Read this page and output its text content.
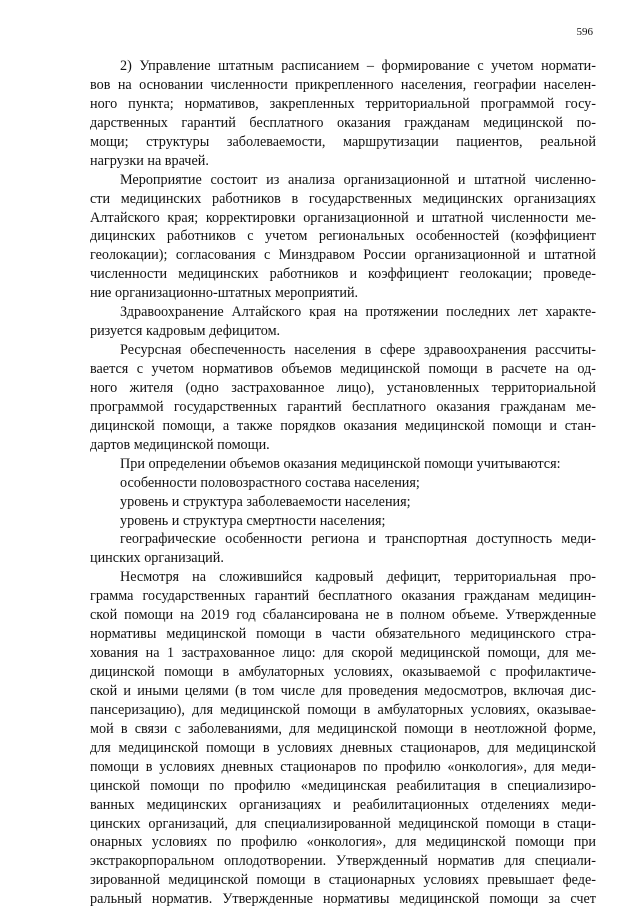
596
2) Управление штатным расписанием – формирование с учетом нормати-
вов на основании численности прикрепленного населения, географии населен-
ного пункта; нормативов, закрепленных территориальной программой госу-
дарственных гарантий бесплатного оказания гражданам медицинской по-
мощи; структуры заболеваемости, маршрутизации пациентов, реальной
нагрузки на врачей.
Мероприятие состоит из анализа организационной и штатной численно-
сти медицинских работников в государственных медицинских организациях
Алтайского края; корректировки организационной и штатной численности ме-
дицинских работников с учетом региональных особенностей (коэффициент
геолокации); согласования с Минздравом России организационной и штатной
численности медицинских работников и коэффициент геолокации; проведе-
ние организационно-штатных мероприятий.
Здравоохранение Алтайского края на протяжении последних лет характе-
ризуется кадровым дефицитом.
Ресурсная обеспеченность населения в сфере здравоохранения рассчиты-
вается с учетом нормативов объемов медицинской помощи в расчете на од-
ного жителя (одно застрахованное лицо), установленных территориальной
программой государственных гарантий бесплатного оказания гражданам ме-
дицинской помощи, а также порядков оказания медицинской помощи и стан-
дартов медицинской помощи.
При определении объемов оказания медицинской помощи учитываются:
особенности половозрастного состава населения;
уровень и структура заболеваемости населения;
уровень и структура смертности населения;
географические особенности региона и транспортная доступность меди-
цинских организаций.
Несмотря на сложившийся кадровый дефицит, территориальная про-
грамма государственных гарантий бесплатного оказания гражданам медицин-
ской помощи на 2019 год сбалансирована не в полном объеме. Утвержденные
нормативы медицинской помощи в части обязательного медицинского стра-
хования на 1 застрахованное лицо: для скорой медицинской помощи, для ме-
дицинской помощи в амбулаторных условиях, оказываемой с профилактиче-
ской и иными целями (в том числе для проведения медосмотров, включая дис-
пансеризацию), для медицинской помощи в амбулаторных условиях, оказывае-
мой в связи с заболеваниями, для медицинской помощи в неотложной форме,
для медицинской помощи в условиях дневных стационаров, для медицинской
помощи в условиях дневных стационаров по профилю «онкология», для меди-
цинской помощи по профилю «медицинская реабилитация в специализиро-
ванных медицинских организациях и реабилитационных отделениях меди-
цинских организаций, для специализированной медицинской помощи в стаци-
онарных условиях по профилю «онкология», для медицинской помощи при
экстракорпоральном оплодотворении. Утвержденный норматив для специали-
зированной медицинской помощи в стационарных условиях превышает феде-
ральный норматив. Утвержденные нормативы медицинской помощи за счет
